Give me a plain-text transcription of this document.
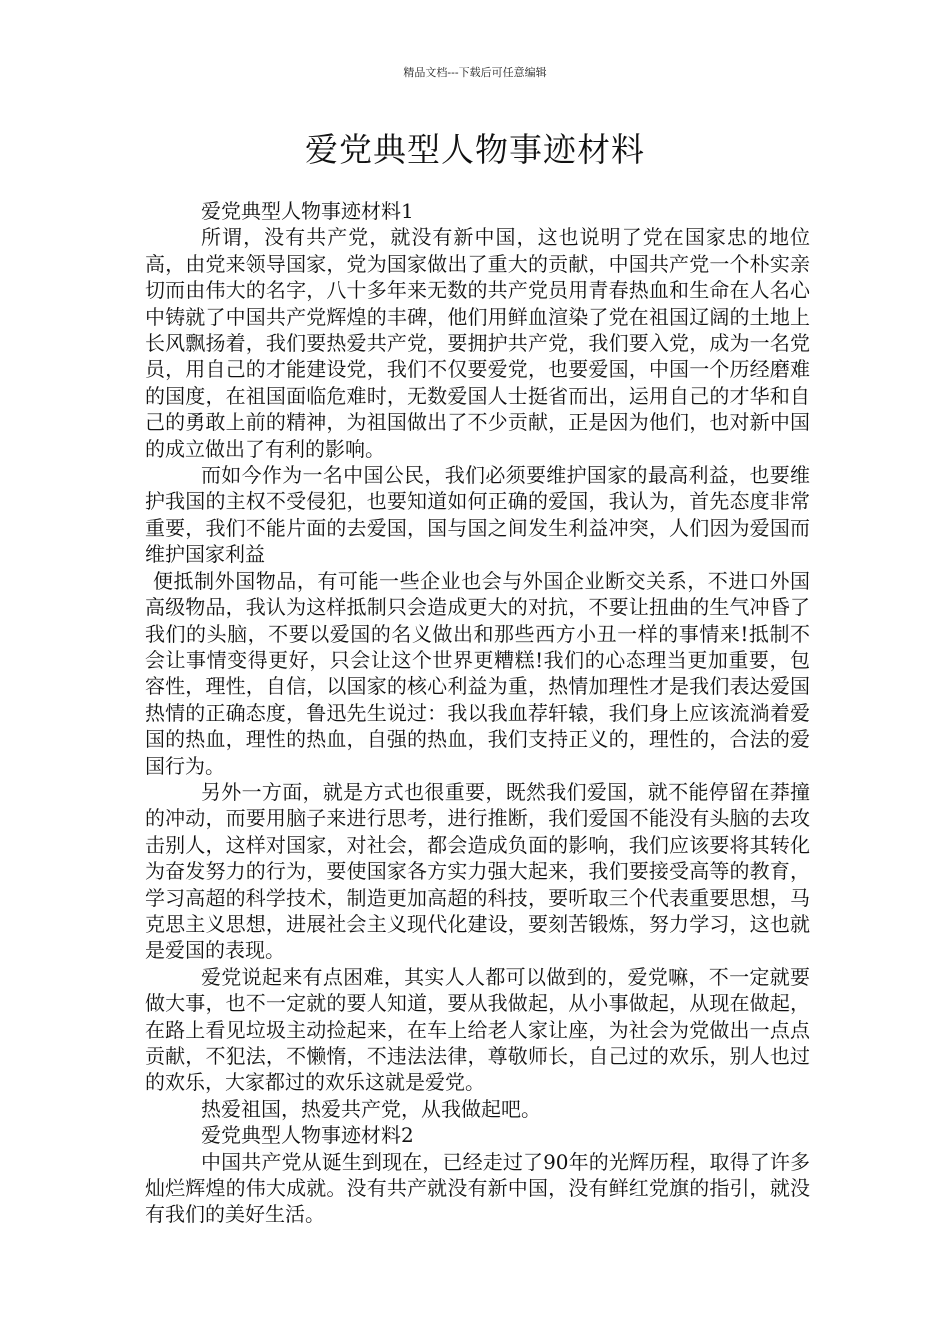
精品文档---下载后可任意编辑
爱党典型人物事迹材料

爱党典型人物事迹材料1

所谓，没有共产党，就没有新中国，这也说明了党在国家忠的地位高，由党来领导国家，党为国家做出了重大的贡献，中国共产党一个朴实亲切而由伟大的名字，八十多年来无数的共产党员用青春热血和生命在人名心中铸就了中国共产党辉煌的丰碑，他们用鲜血渲染了党在祖国辽阔的土地上长风飘扬着，我们要热爱共产党，要拥护共产党，我们要入党，成为一名党员，用自己的才能建设党，我们不仅要爱党，也要爱国，中国一个历经磨难的国度，在祖国面临危难时，无数爱国人士挺省而出，运用自己的才华和自己的勇敢上前的精神，为祖国做出了不少贡献，正是因为他们，也对新中国的成立做出了有利的影响。

而如今作为一名中国公民，我们必须要维护国家的最高利益，也要维护我国的主权不受侵犯，也要知道如何正确的爱国，我认为，首先态度非常重要，我们不能片面的去爱国，国与国之间发生利益冲突，人们因为爱国而维护国家利益

便抵制外国物品，有可能一些企业也会与外国企业断交关系，不进口外国高级物品，我认为这样抵制只会造成更大的对抗，不要让扭曲的生气冲昏了我们的头脑，不要以爱国的名义做出和那些西方小丑一样的事情来!抵制不会让事情变得更好，只会让这个世界更糟糕!我们的心态理当更加重要，包容性，理性，自信，以国家的核心利益为重，热情加理性才是我们表达爱国热情的正确态度，鲁迅先生说过：我以我血荐轩辕，我们身上应该流淌着爱国的热血，理性的热血，自强的热血，我们支持正义的，理性的，合法的爱国行为。

另外一方面，就是方式也很重要，既然我们爱国，就不能停留在莽撞的冲动，而要用脑子来进行思考，进行推断，我们爱国不能没有头脑的去攻击别人，这样对国家，对社会，都会造成负面的影响，我们应该要将其转化为奋发努力的行为，要使国家各方实力强大起来，我们要接受高等的教育，学习高超的科学技术，制造更加高超的科技，要听取三个代表重要思想，马克思主义思想，进展社会主义现代化建设，要刻苦锻炼，努力学习，这也就是爱国的表现。

爱党说起来有点困难，其实人人都可以做到的，爱党嘛，不一定就要做大事，也不一定就的要人知道，要从我做起，从小事做起，从现在做起，在路上看见垃圾主动捡起来，在车上给老人家让座，为社会为党做出一点点贡献，不犯法，不懒惰，不违法法律，尊敬师长，自己过的欢乐，别人也过的欢乐，大家都过的欢乐这就是爱党。

热爱祖国，热爱共产党，从我做起吧。

爱党典型人物事迹材料2

中国共产党从诞生到现在，已经走过了90年的光辉历程，取得了许多灿烂辉煌的伟大成就。没有共产就没有新中国，没有鲜红党旗的指引，就没有我们的美好生活。
